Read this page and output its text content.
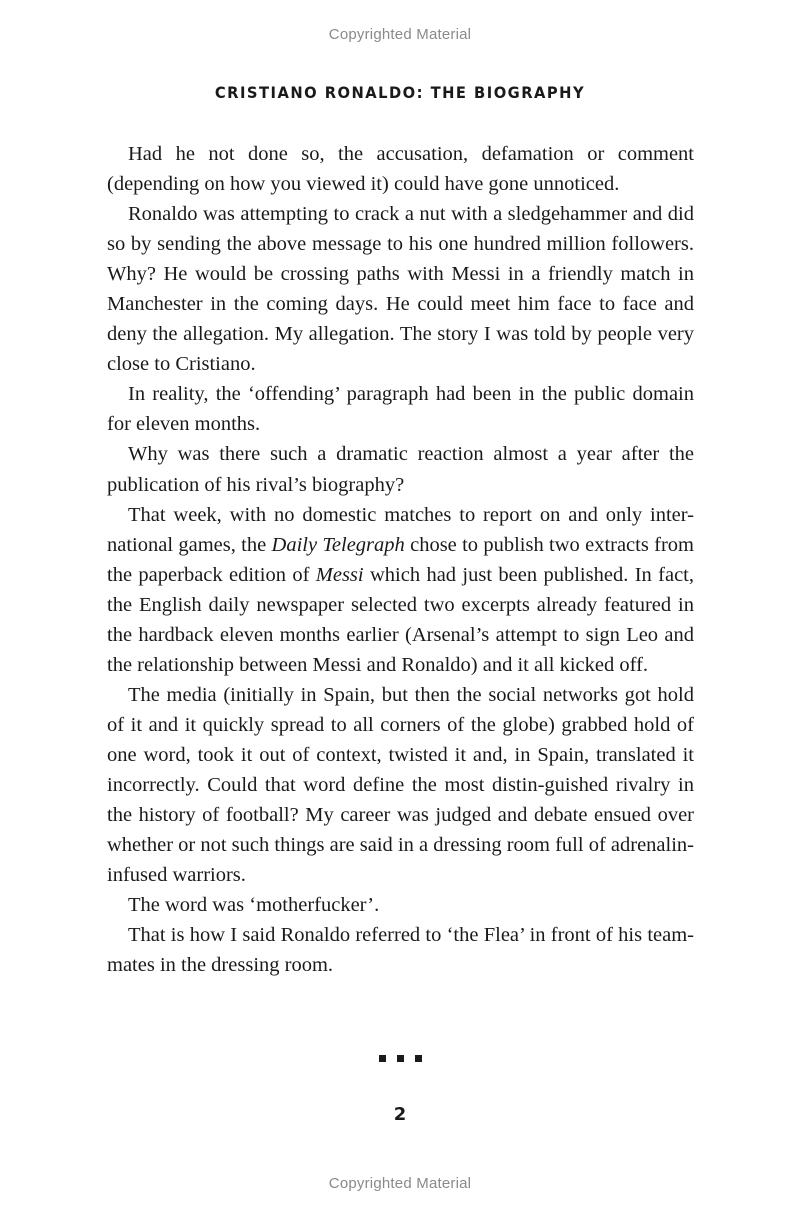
Copyrighted Material
CRISTIANO RONALDO: THE BIOGRAPHY

Had he not done so, the accusation, defamation or comment (depending on how you viewed it) could have gone unnoticed.

Ronaldo was attempting to crack a nut with a sledgehammer and did so by sending the above message to his one hundred million followers. Why? He would be crossing paths with Messi in a friendly match in Manchester in the coming days. He could meet him face to face and deny the allegation. My allegation. The story I was told by people very close to Cristiano.

In reality, the ‘offending’ paragraph had been in the public domain for eleven months.

Why was there such a dramatic reaction almost a year after the publication of his rival’s biography?

That week, with no domestic matches to report on and only inter-national games, the Daily Telegraph chose to publish two extracts from the paperback edition of Messi which had just been published. In fact, the English daily newspaper selected two excerpts already featured in the hardback eleven months earlier (Arsenal’s attempt to sign Leo and the relationship between Messi and Ronaldo) and it all kicked off.

The media (initially in Spain, but then the social networks got hold of it and it quickly spread to all corners of the globe) grabbed hold of one word, took it out of context, twisted it and, in Spain, translated it incorrectly. Could that word define the most distin-guished rivalry in the history of football? My career was judged and debate ensued over whether or not such things are said in a dressing room full of adrenalin-infused warriors.

The word was ‘motherfucker’.

That is how I said Ronaldo referred to ‘the Flea’ in front of his team-mates in the dressing room.

2
Copyrighted Material
